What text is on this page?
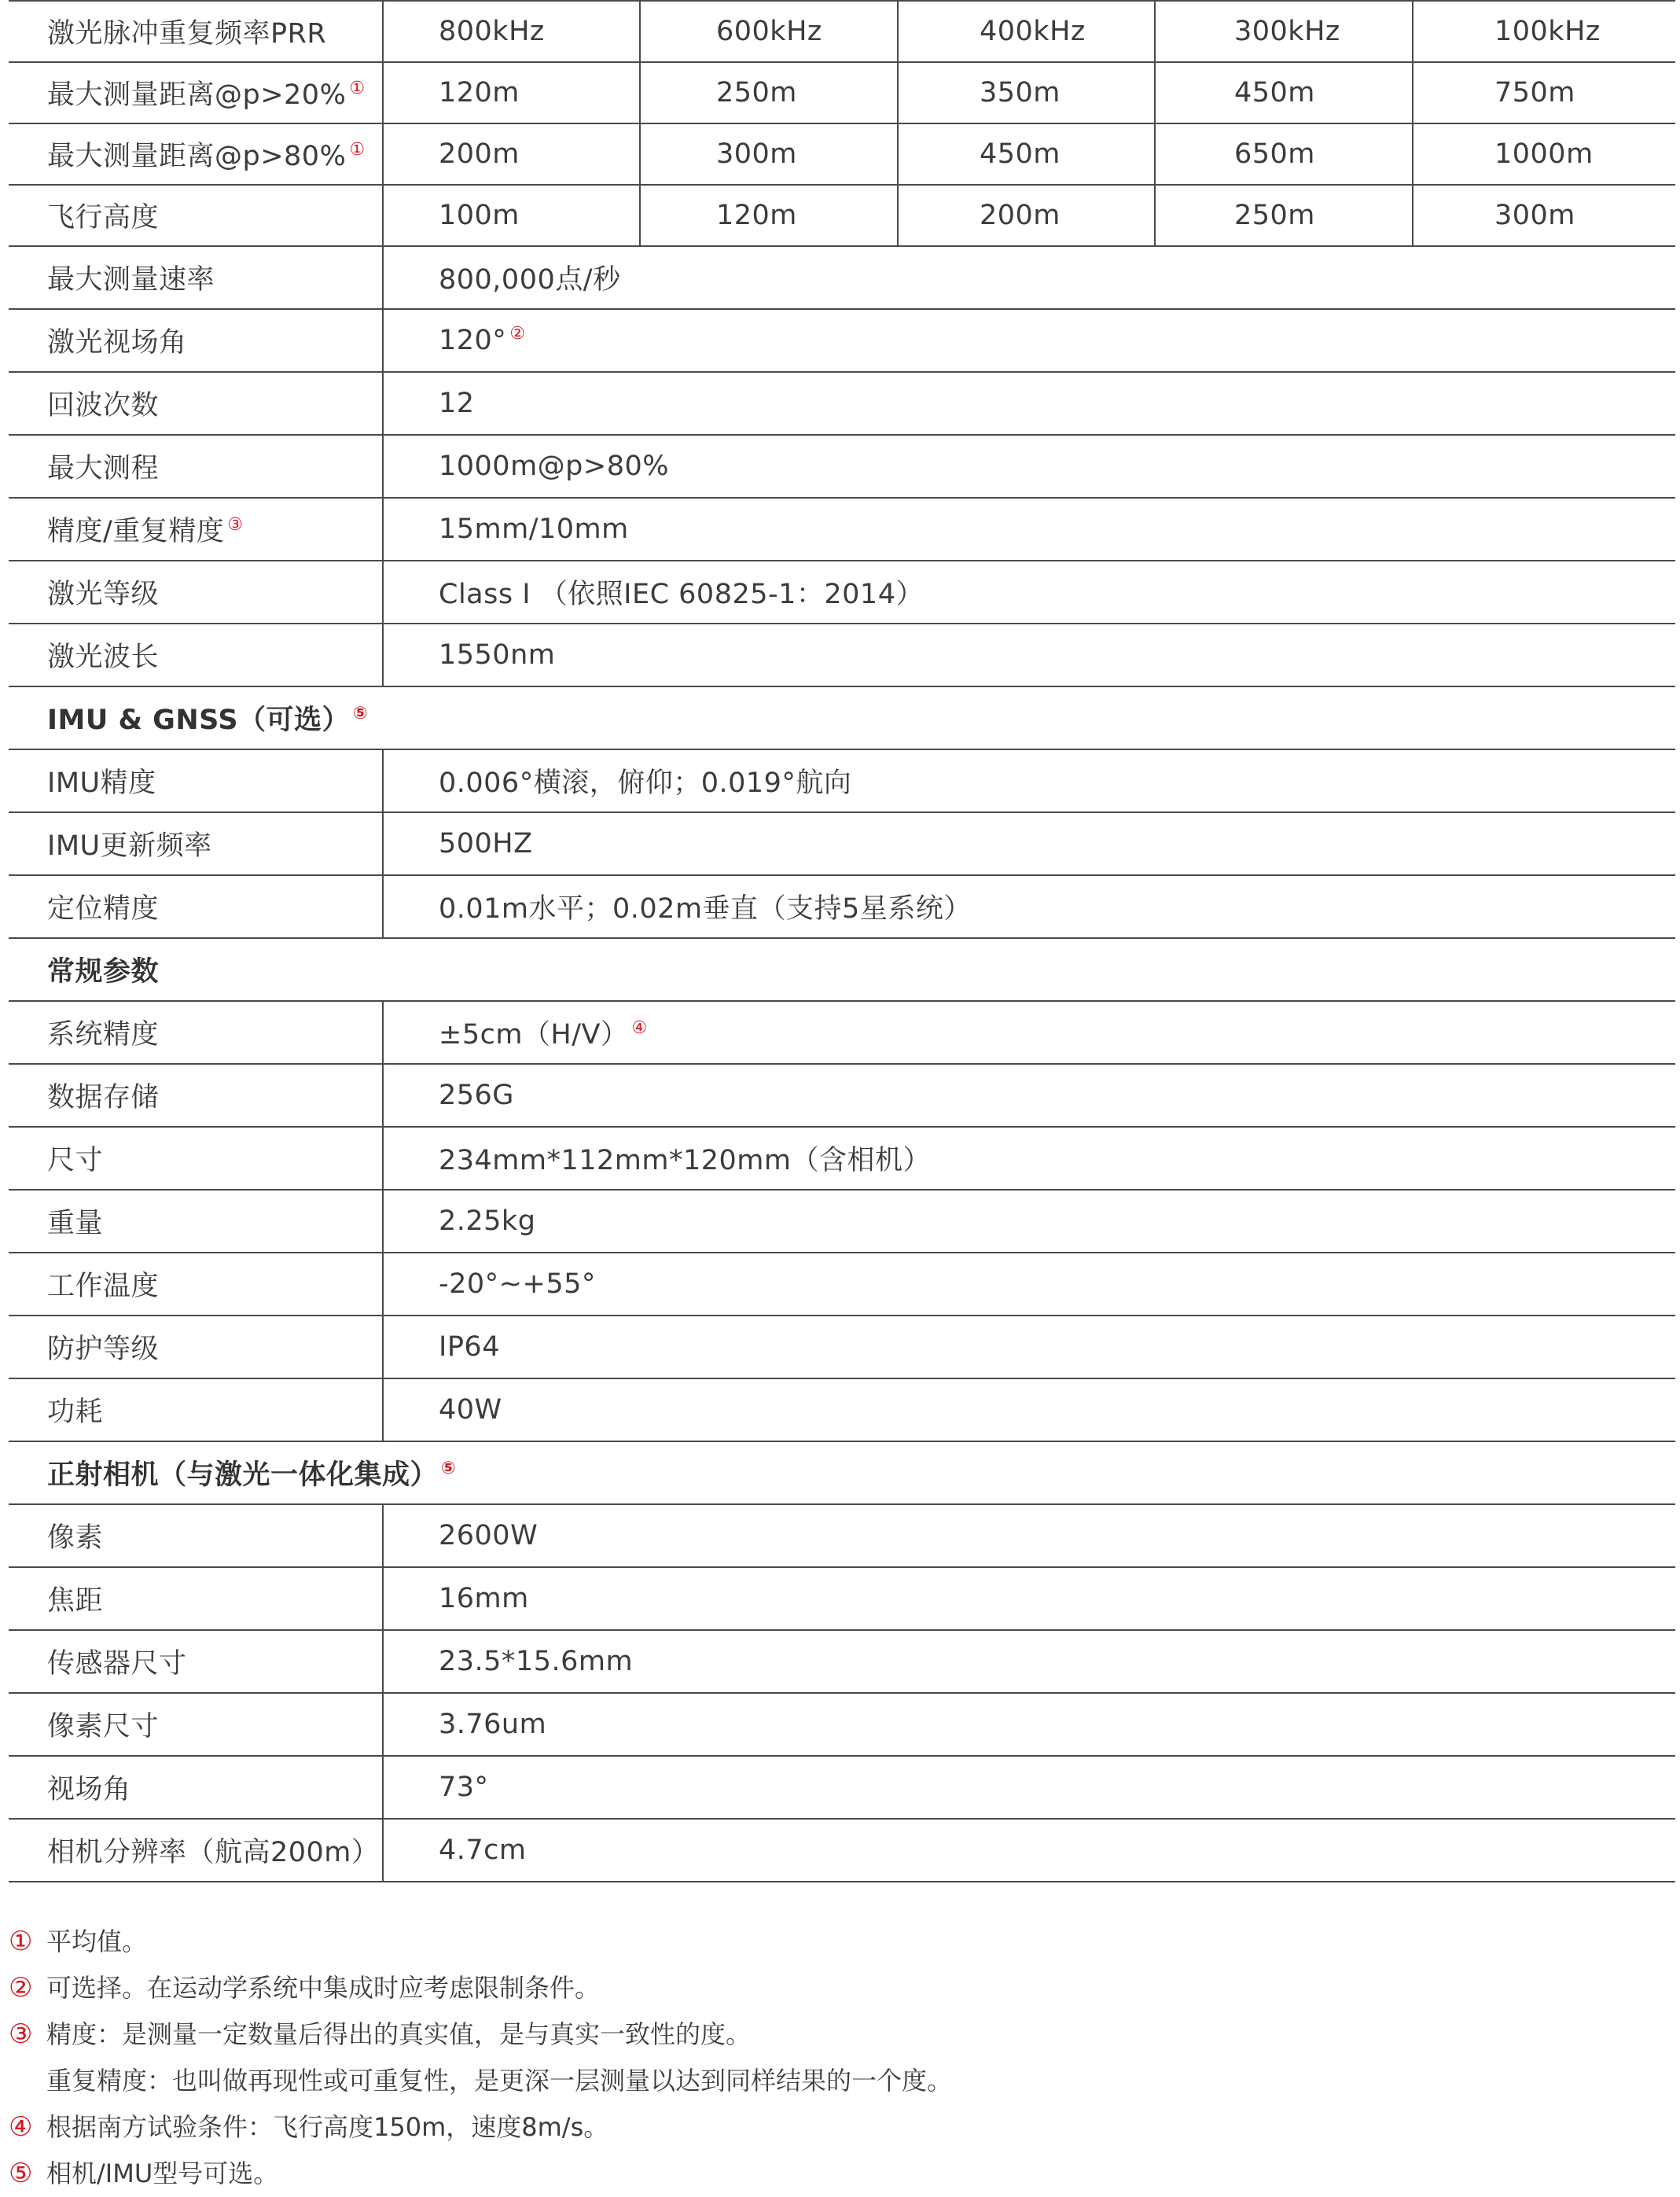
激光脉冲重复频率PRR	800kHz	600kHz	400kHz	300kHz	100kHz
最大测量距离@p>20% ①	120m	250m	350m	450m	750m
最大测量距离@p>80% ①	200m	300m	450m	650m	1000m
飞行高度	100m	120m	200m	250m	300m
最大测量速率	800,000点/秒				
激光视场角	120° ②
回波次数	12				
最大测程	1000m@p>80%				
精度/重复精度 ③	15mm/10mm				
激光等级	Class I （依照IEC 60825-1：2014）				
激光波长	1550nm				
IMU & GNSS（可选） ⑤
IMU精度	0.006°横滚，俯仰；0.019°航向				
IMU更新频率	500HZ				
定位精度	0.01m水平；0.02m垂直（支持5星系统）				
常规参数					
系统精度	±5cm（H/V） ④
数据存储	256G				
尺寸	234mm*112mm*120mm（含相机）				
重量	2.25kg				
工作温度	-20°~+55°				
防护等级	IP64				
功耗	40W				
正射相机（与激光一体化集成） ⑤
像素	2600W				
焦距	16mm				
传感器尺寸	23.5*15.6mm				
像素尺寸	3.76um				
视场角	73°				
相机分辨率（航高200m）	4.7cm				
① 平均值。
② 可选择。在运动学系统中集成时应考虑限制条件。
③ 精度：是测量一定数量后得出的真实值，是与真实一致性的度。
重复精度：也叫做再现性或可重复性，是更深一层测量以达到同样结果的一个度。
④ 根据南方试验条件：飞行高度150m，速度8m/s。
⑤ 相机/IMU型号可选。
